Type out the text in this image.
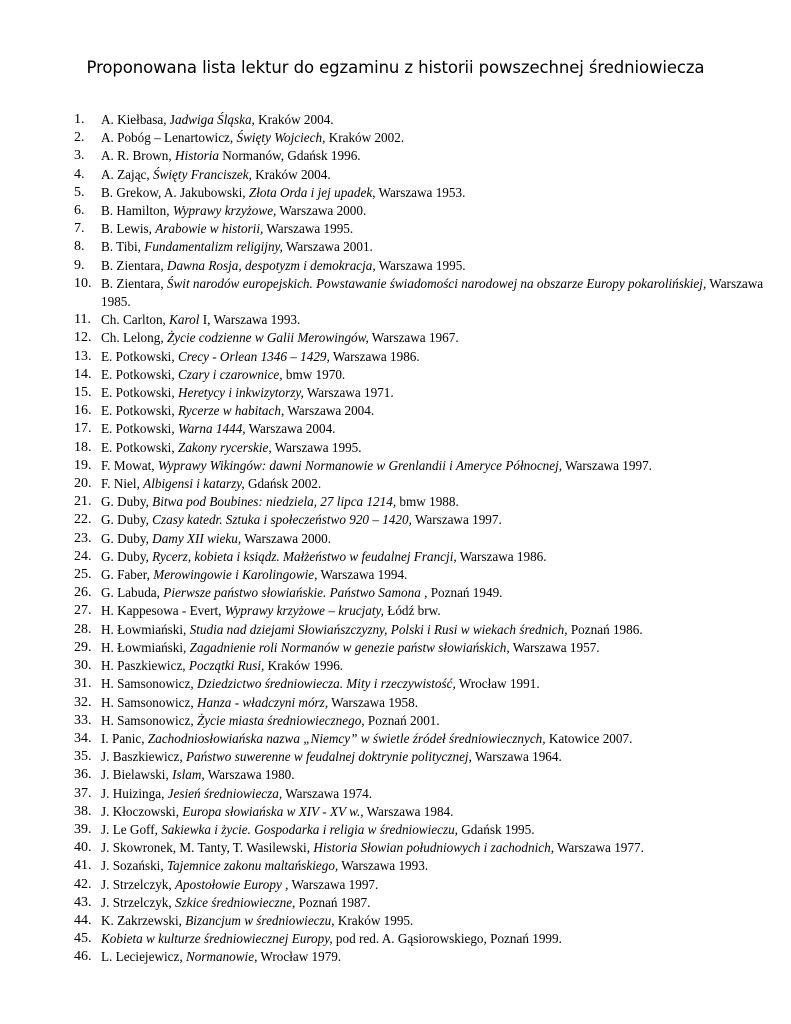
Proponowana lista lektur do egzaminu z historii powszechnej średniowiecza
1. A. Kiełbasa, Jadwiga Śląska, Kraków 2004.
2. A. Pobóg – Lenartowicz, Święty Wojciech, Kraków 2002.
3. A. R. Brown, Historia Normanów, Gdańsk 1996.
4. A. Zając, Święty Franciszek, Kraków 2004.
5. B. Grekow, A. Jakubowski, Złota Orda i jej upadek, Warszawa 1953.
6. B. Hamilton, Wyprawy krzyżowe, Warszawa 2000.
7. B. Lewis, Arabowie w historii, Warszawa 1995.
8. B. Tibi, Fundamentalizm religijny, Warszawa 2001.
9. B. Zientara, Dawna Rosja, despotyzm i demokracja, Warszawa 1995.
10. B. Zientara, Świt narodów europejskich. Powstawanie świadomości narodowej na obszarze Europy pokarolińskiej, Warszawa 1985.
11. Ch. Carlton, Karol I, Warszawa 1993.
12. Ch. Lelong, Życie codzienne w Galii Merowingów, Warszawa 1967.
13. E. Potkowski, Crecy - Orlean 1346 – 1429, Warszawa 1986.
14. E. Potkowski, Czary i czarownice, bmw 1970.
15. E. Potkowski, Heretycy i inkwizytorzy, Warszawa 1971.
16. E. Potkowski, Rycerze w habitach, Warszawa 2004.
17. E. Potkowski, Warna 1444, Warszawa 2004.
18. E. Potkowski, Zakony rycerskie, Warszawa 1995.
19. F. Mowat, Wyprawy Wikingów: dawni Normanowie w Grenlandii i Ameryce Północnej, Warszawa 1997.
20. F. Niel, Albigensi i katarzy, Gdańsk 2002.
21. G. Duby, Bitwa pod Boubines: niedziela, 27 lipca 1214, bmw 1988.
22. G. Duby, Czasy katedr. Sztuka i społeczeństwo 920 – 1420, Warszawa 1997.
23. G. Duby, Damy XII wieku, Warszawa 2000.
24. G. Duby, Rycerz, kobieta i ksiądz. Małżeństwo w feudalnej Francji, Warszawa 1986.
25. G. Faber, Merowingowie i Karolingowie, Warszawa 1994.
26. G. Labuda, Pierwsze państwo słowiańskie. Państwo Samona , Poznań 1949.
27. H. Kappesowa - Evert, Wyprawy krzyżowe – krucjaty, Łódź brw.
28. H. Łowmiański, Studia nad dziejami Słowiańszczyzny, Polski i Rusi w wiekach średnich, Poznań 1986.
29. H. Łowmiański, Zagadnienie roli Normanów w genezie państw słowiańskich, Warszawa 1957.
30. H. Paszkiewicz, Początki Rusi, Kraków 1996.
31. H. Samsonowicz, Dziedzictwo średniowiecza. Mity i rzeczywistość, Wrocław 1991.
32. H. Samsonowicz, Hanza - władczyni mórz, Warszawa 1958.
33. H. Samsonowicz, Życie miasta średniowiecznego, Poznań 2001.
34. I. Panic, Zachodniosłowiańska nazwa „Niemcy” w świetle źródeł średniowiecznych, Katowice 2007.
35. J. Baszkiewicz, Państwo suwerenne w feudalnej doktrynie politycznej, Warszawa 1964.
36. J. Bielawski, Islam, Warszawa 1980.
37. J. Huizinga, Jesień średniowiecza, Warszawa 1974.
38. J. Kłoczowski, Europa słowiańska w XIV - XV w., Warszawa 1984.
39. J. Le Goff, Sakiewka i życie. Gospodarka i religia w średniowieczu, Gdańsk 1995.
40. J. Skowronek, M. Tanty, T. Wasilewski, Historia Słowian południowych i zachodnich, Warszawa 1977.
41. J. Sozański, Tajemnice zakonu maltańskiego, Warszawa 1993.
42. J. Strzelczyk, Apostołowie Europy , Warszawa 1997.
43. J. Strzelczyk, Szkice średniowieczne, Poznań 1987.
44. K. Zakrzewski, Bizancjum w średniowieczu, Kraków 1995.
45. Kobieta w kulturze średniowiecznej Europy, pod red. A. Gąsiorowskiego, Poznań 1999.
46. L. Leciejewicz, Normanowie, Wrocław 1979.
